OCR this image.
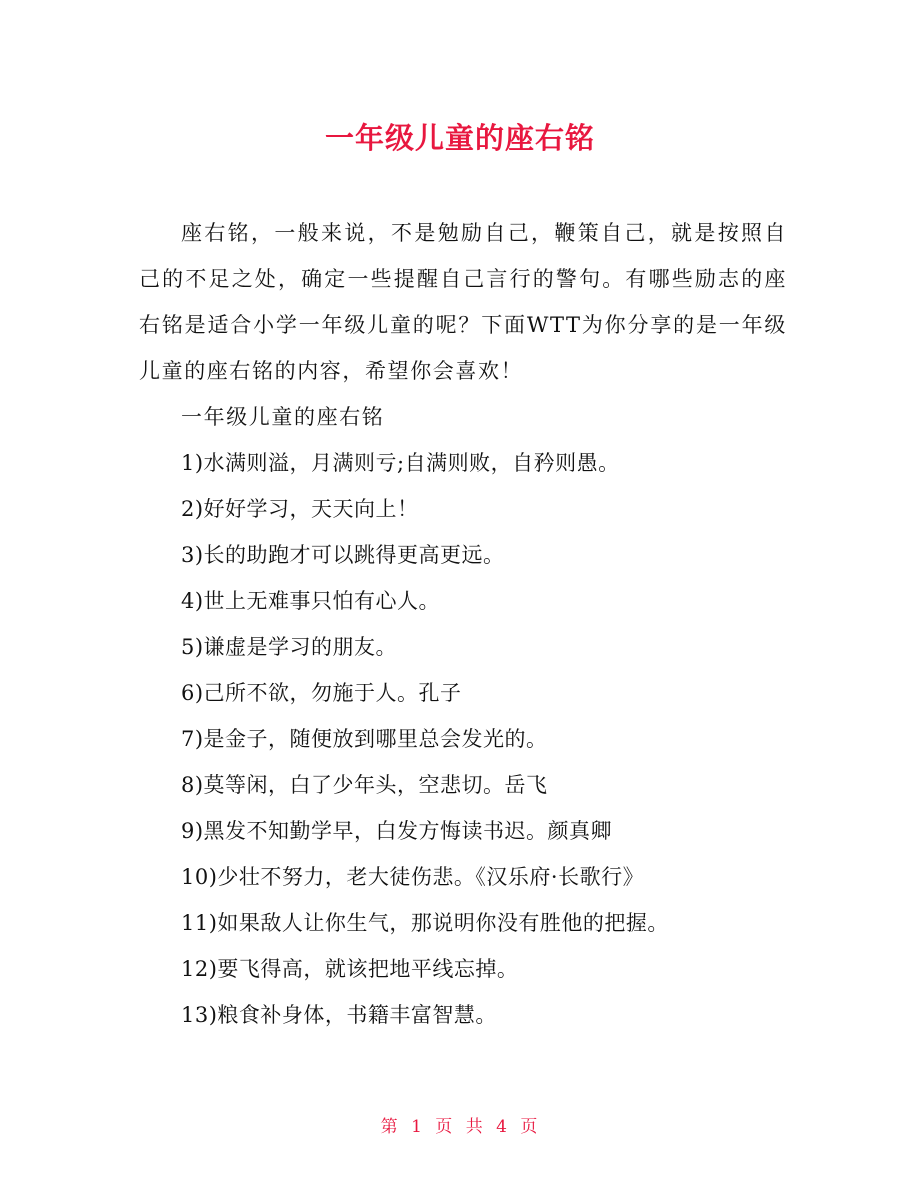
一年级儿童的座右铭

座右铭，一般来说，不是勉励自己，鞭策自己，就是按照自己的不足之处，确定一些提醒自己言行的警句。有哪些励志的座右铭是适合小学一年级儿童的呢？下面WTT为你分享的是一年级儿童的座右铭的内容，希望你会喜欢！

一年级儿童的座右铭
1)水满则溢，月满则亏;自满则败，自矜则愚。
2)好好学习，天天向上！
3)长的助跑才可以跳得更高更远。
4)世上无难事只怕有心人。
5)谦虚是学习的朋友。
6)己所不欲，勿施于人。孔子
7)是金子，随便放到哪里总会发光的。
8)莫等闲，白了少年头，空悲切。岳飞
9)黑发不知勤学早，白发方悔读书迟。颜真卿
10)少壮不努力，老大徒伤悲。《汉乐府·长歌行》
11)如果敌人让你生气，那说明你没有胜他的把握。
12)要飞得高，就该把地平线忘掉。
13)粮食补身体，书籍丰富智慧。
第 1 页 共 4 页
